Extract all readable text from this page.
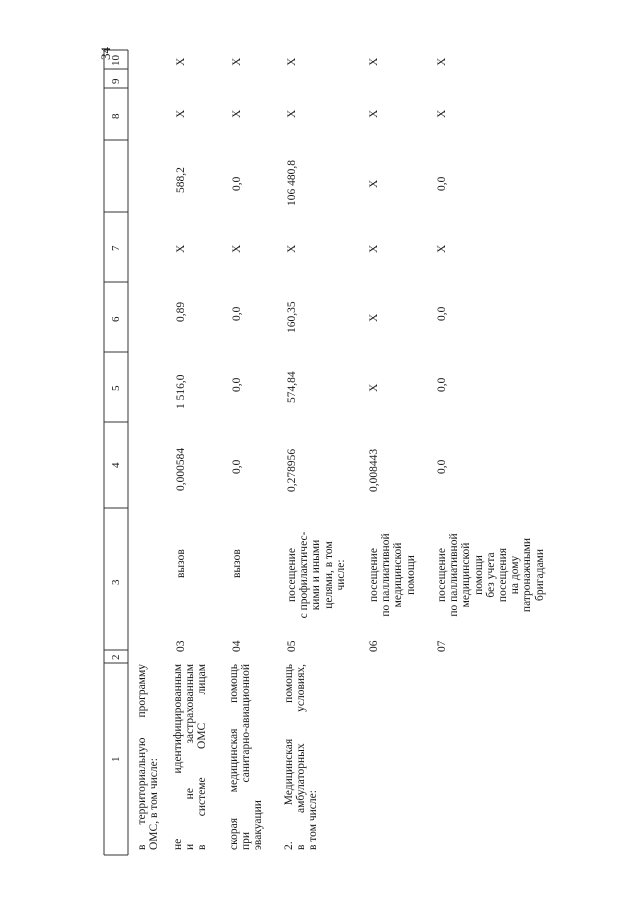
34
10
9
8
7
6
5
4
3
2
1 в территориальную программу ОМС, в том числе: не идентифицированным и не застрахованным в системе ОМС лицам
03
вызов
0,000584
1 516,0
0,89
X
588,2
X
X
скорая медицинская помощь при санитарно-авиационной эвакуации
04
вызов
0,0
0,0
0,0
X
0,0
X
X
2. Медицинская помощь в амбулаторных условиях, в том числе:
05
посещение с профилактичес- кими и иными целями, в том числе:
0,278956
574,84
160,35
X
106 480,8
X
X
06
посещение по паллиативной медицинской помощи
0,008443
X
X
X
X
X
X
07
посещение по паллиативной медицинской помощи без учета посещения на дому патронажными бригадами
0,0
0,0
0,0
X
0,0
X
X
